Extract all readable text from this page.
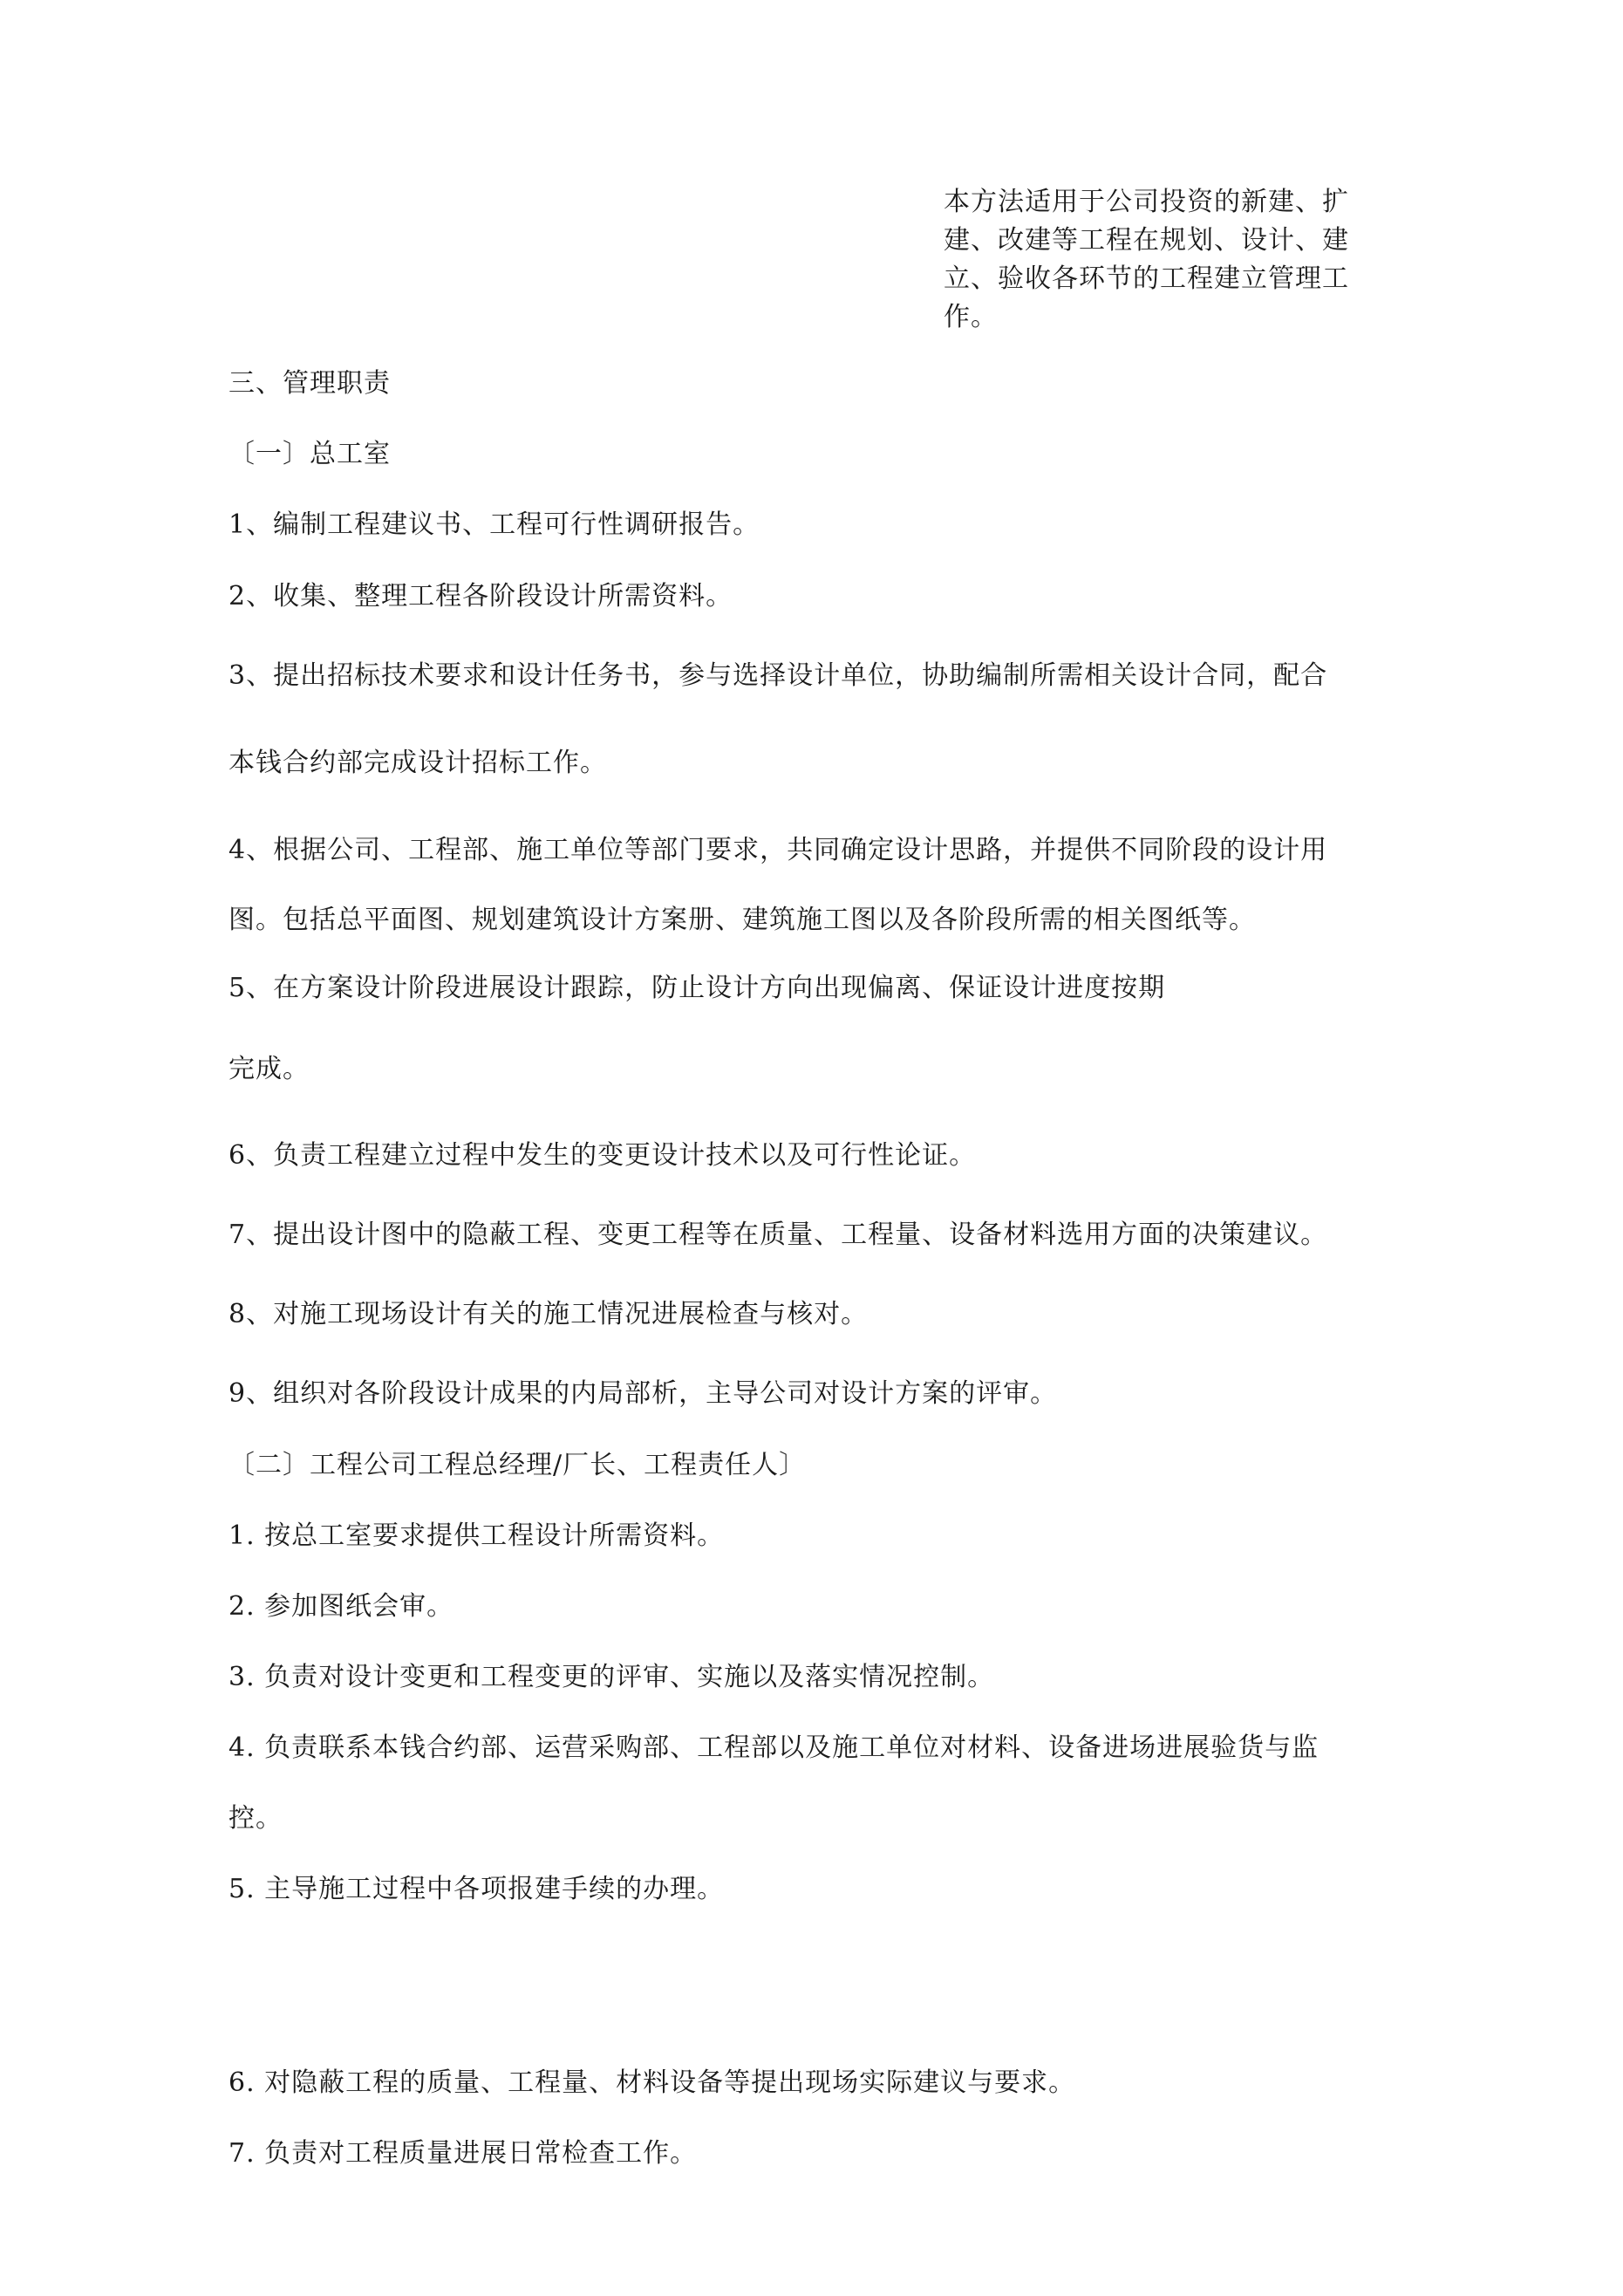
本方法适用于公司投资的新建、扩建、改建等工程在规划、设计、建立、验收各环节的工程建立管理工作。
三、管理职责
〔一〕总工室
1、编制工程建议书、工程可行性调研报告。
2、收集、整理工程各阶段设计所需资料。
3、提出招标技术要求和设计任务书，参与选择设计单位，协助编制所需相关设计合同，配合
本钱合约部完成设计招标工作。
4、根据公司、工程部、施工单位等部门要求，共同确定设计思路，并提供不同阶段的设计用
图。包括总平面图、规划建筑设计方案册、建筑施工图以及各阶段所需的相关图纸等。
5、在方案设计阶段进展设计跟踪，防止设计方向出现偏离、保证设计进度按期
完成。
6、负责工程建立过程中发生的变更设计技术以及可行性论证。
7、提出设计图中的隐蔽工程、变更工程等在质量、工程量、设备材料选用方面的决策建议。
8、对施工现场设计有关的施工情况进展检查与核对。
9、组织对各阶段设计成果的内局部析，主导公司对设计方案的评审。
〔二〕工程公司工程总经理/厂长、工程责任人〕
1. 按总工室要求提供工程设计所需资料。
2. 参加图纸会审。
3. 负责对设计变更和工程变更的评审、实施以及落实情况控制。
4. 负责联系本钱合约部、运营采购部、工程部以及施工单位对材料、设备进场进展验货与监
控。
5. 主导施工过程中各项报建手续的办理。
6. 对隐蔽工程的质量、工程量、材料设备等提出现场实际建议与要求。
7. 负责对工程质量进展日常检查工作。
